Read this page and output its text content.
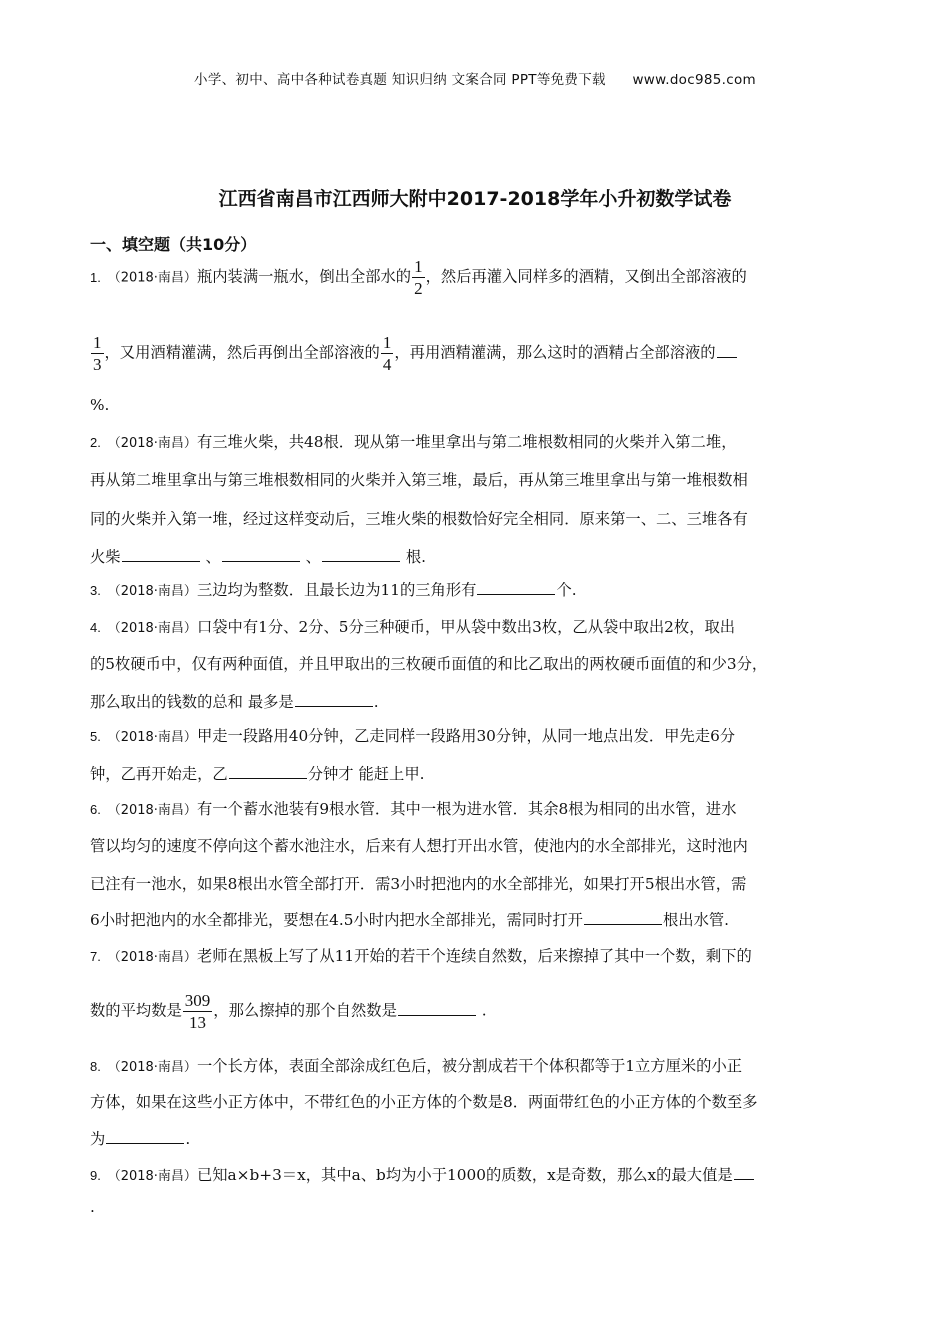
小学、初中、高中各种试卷真题 知识归纳 文案合同 PPT等免费下载 www.doc985.com
江西省南昌市江西师大附中2017-2018学年小升初数学试卷
一、填空题（共10分）
1. （2018·南昌）瓶内装满一瓶水，倒出全部水的 $\frac{1}{2}$ ，然后再灌入同样多的酒精，又倒出全部溶液的
$\frac{1}{3}$ ，又用酒精灌满，然后再倒出全部溶液的 $\frac{1}{4}$ ，再用酒精灌满，那么这时的酒精占全部溶液的
%.
2. （2018·南昌）有三堆火柴，共48根．现从第一堆里拿出与第二堆根数相同的火柴并入第二堆，
再从第二堆里拿出与第三堆根数相同的火柴并入第三堆，最后，再从第三堆里拿出与第一堆根数相
同的火柴并入第一堆，经过这样变动后，三堆火柴的根数恰好完全相同．原来第一、二、三堆各有
火柴	、	、	根.
3. （2018·南昌）三边均为整数．且最长边为11的三角形有	个.
4. （2018·南昌）口袋中有1分、2分、5分三种硬币，甲从袋中数出3枚，乙从袋中取出2枚，取出
的5枚硬币中，仅有两种面值，并且甲取出的三枚硬币面值的和比乙取出的两枚硬币面值的和少3分，
那么取出的钱数的总和 最多是	.
5. （2018·南昌）甲走一段路用40分钟，乙走同样一段路用30分钟，从同一地点出发．甲先走6分
钟，乙再开始走，乙	分钟才 能赶上甲.
6. （2018·南昌）有一个蓄水池装有9根水管．其中一根为进水管．其余8根为相同的出水管，进水
管以均匀的速度不停向这个蓄水池注水，后来有人想打开出水管，使池内的水全部排光，这时池内
已注有一池水，如果8根出水管全部打开．需3小时把池内的水全部排光，如果打开5根出水管，需
6小时把池内的水全都排光，要想在4.5小时内把水全部排光，需同时打开	根出水管.
7. （2018·南昌）老师在黑板上写了从11开始的若干个连续自然数，后来擦掉了其中一个数，剩下的
数的平均数是 $\frac{309}{13}$ ，那么擦掉的那个自然数是	.
8. （2018·南昌）一个长方体，表面全部涂成红色后，被分割成若干个体积都等于1立方厘米的小正
方体，如果在这些小正方体中，不带红色的小正方体的个数是8．两面带红色的小正方体的个数至多
为	.
9. （2018·南昌）已知a×b+3＝x，其中a、b均为小于1000的质数，x是奇数，那么x的最大值是
.
